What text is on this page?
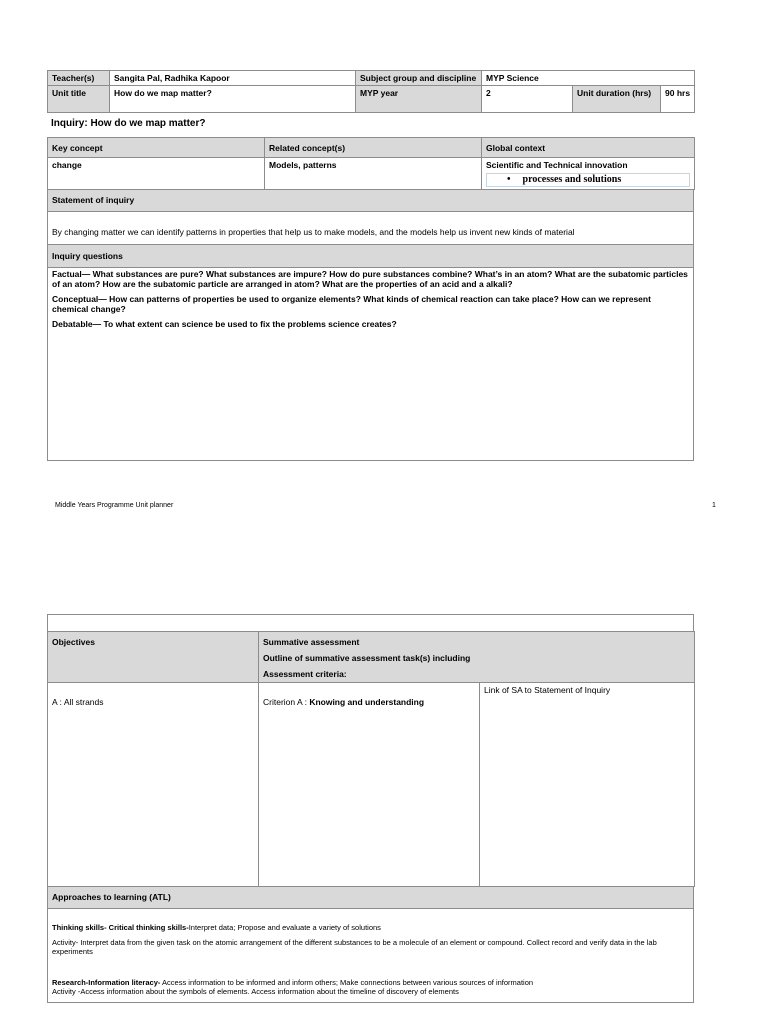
Teacher(s)	Sangita Pal, Radhika Kapoor	Subject group and discipline	MYP Science		
Unit title	How do we map matter?	MYP year	2	Unit duration (hrs)	90 hrs
Inquiry: How do we map matter?
Key concept	Related concept(s)	Global context
change	Models, patterns	Scientific and Technical innovation
• processes and solutions
Statement of inquiry
By changing matter we can identify patterns in properties that help us to make models, and the models help us invent new kinds of material
Inquiry questions

Factual— What substances are pure? What substances are impure? How do pure substances combine? What’s in an atom? What are the subatomic particles of an atom? How are the subatomic particle are arranged in atom? What are the properties of an acid and a alkali?

Conceptual— How can patterns of properties be used to organize elements? What kinds of chemical reaction can take place? How can we represent chemical change?

Debatable— To what extent can science be used to fix the problems science creates?

Middle Years Programme Unit planner	1
Objectives	Summative assessment
Outline of summative assessment task(s) including
Assessment criteria:	

A : All strands	Criterion A : Knowing and understanding	Link of SA to Statement of Inquiry
Approaches to learning (ATL)
Thinking skills- Critical thinking skills-Interpret data; Propose and evaluate a variety of solutions
Activity- Interpret data from the given task on the atomic arrangement of the different substances to be a molecule of an element or compound. Collect record and verify data in the lab experiments
Research-Information literacy- Access information to be informed and inform others; Make connections between various sources of information
Activity -Access information about the symbols of elements. Access information about the timeline of discovery of elements
